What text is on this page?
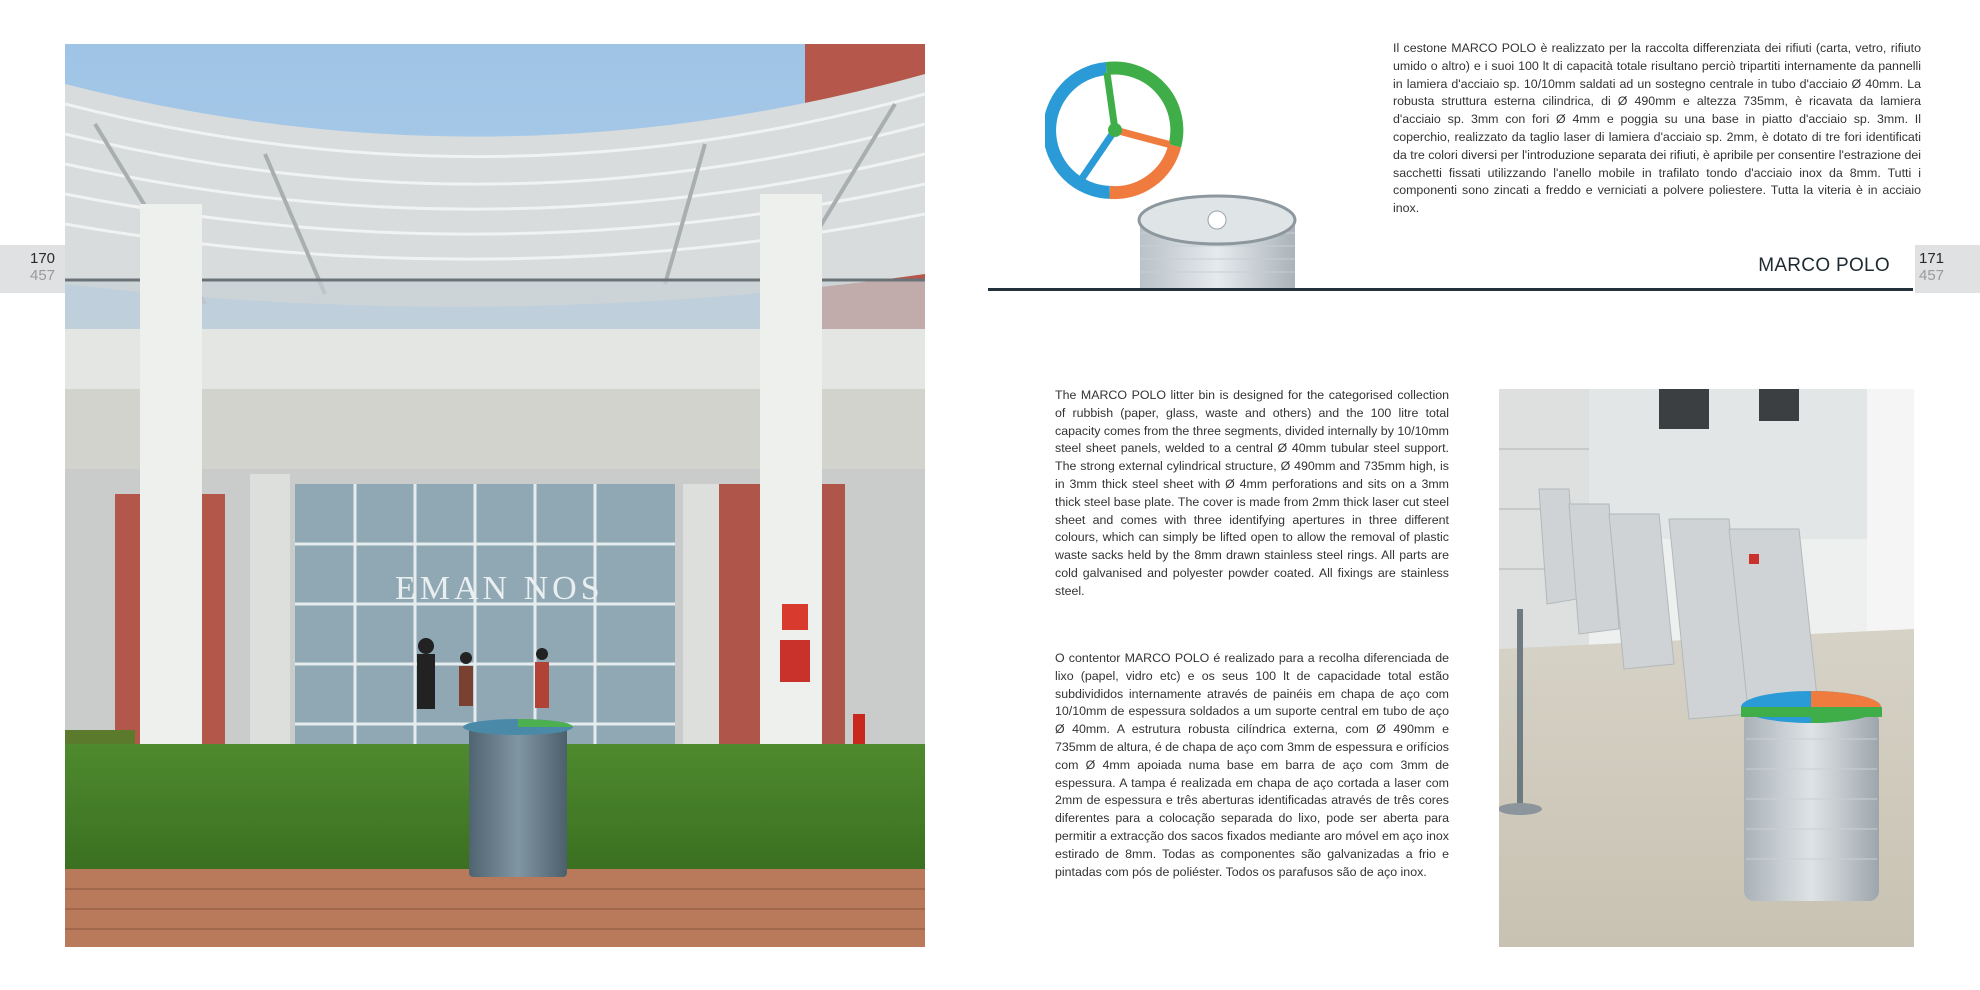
170
457
EMAN NOS
Il cestone MARCO POLO è realizzato per la raccolta differenziata dei rifiuti (carta, vetro, rifiuto umido o altro) e i suoi 100 lt di capacità totale risultano perciò tripartiti internamente da pannelli in lamiera d'acciaio sp. 10/10mm saldati ad un sostegno centrale in tubo d'acciaio Ø 40mm. La robusta struttura esterna cilindrica, di Ø 490mm e altezza 735mm, è ricavata da lamiera d'acciaio sp. 3mm con fori Ø 4mm e poggia su una base in piatto d'acciaio sp. 3mm. Il coperchio, realizzato da taglio laser di lamiera d'acciaio sp. 2mm, è dotato di tre fori identificati da tre colori diversi per l'introduzione separata dei rifiuti, è apribile per consentire l'estrazione dei sacchetti fissati utilizzando l'anello mobile in trafilato tondo d'acciaio inox da 8mm. Tutti i componenti sono zincati a freddo e verniciati a polvere poliestere. Tutta la viteria è in acciaio inox.
MARCO POLO 171
457
The MARCO POLO litter bin is designed for the categorised collection of rubbish (paper, glass, waste and others) and the 100 litre total capacity comes from the three segments, divided internally by 10/10mm steel sheet panels, welded to a central Ø 40mm tubular steel support. The strong external cylindrical structure, Ø 490mm and 735mm high, is in 3mm thick steel sheet with Ø 4mm perforations and sits on a 3mm thick steel base plate. The cover is made from 2mm thick laser cut steel sheet and comes with three identifying apertures in three different colours, which can simply be lifted open to allow the removal of plastic waste sacks held by the 8mm drawn stainless steel rings. All parts are cold galvanised and polyester powder coated. All fixings are stainless steel.
O contentor MARCO POLO é realizado para a recolha diferenciada de lixo (papel, vidro etc) e os seus 100 lt de capacidade total estão subdivididos internamente através de painéis em chapa de aço com 10/10mm de espessura soldados a um suporte central em tubo de aço Ø 40mm. A estrutura robusta cilíndrica externa, com Ø 490mm e 735mm de altura, é de chapa de aço com 3mm de espessura e orifícios com Ø 4mm apoiada numa base em barra de aço com 3mm de espessura. A tampa é realizada em chapa de aço cortada a laser com 2mm de espessura e três aberturas identificadas através de três cores diferentes para a colocação separada do lixo, pode ser aberta para permitir a extracção dos sacos fixados mediante aro móvel em aço inox estirado de 8mm. Todas as componentes são galvanizadas a frio e pintadas com pós de poliéster. Todos os parafusos são de aço inox.
